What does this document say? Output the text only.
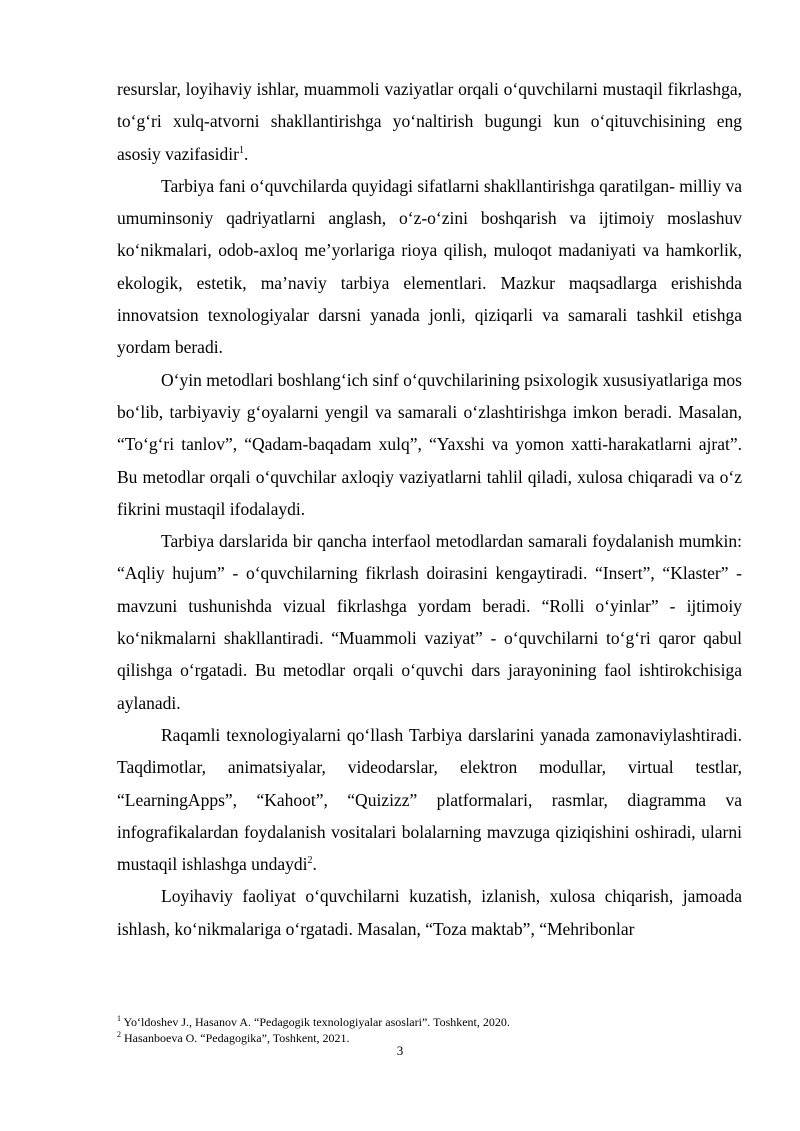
resurslar, loyihaviy ishlar, muammoli vaziyatlar orqali o‘quvchilarni mustaqil fikrlashga, to‘g‘ri xulq-atvorni shakllantirishga yo‘naltirish bugungi kun o‘qituvchisining eng asosiy vazifasidir$^1$.

Tarbiya fani o‘quvchilarda quyidagi sifatlarni shakllantirishga qaratilgan- milliy va umuminsoniy qadriyatlarni anglash, o‘z-o‘zini boshqarish va ijtimoiy moslashuv ko‘nikmalari, odob-axloq me’yorlariga rioya qilish, muloqot madaniyati va hamkorlik, ekologik, estetik, ma’naviy tarbiya elementlari. Mazkur maqsadlarga erishishda innovatsion texnologiyalar darsni yanada jonli, qiziqarli va samarali tashkil etishga yordam beradi.

O‘yin metodlari boshlang‘ich sinf o‘quvchilarining psixologik xususiyatlariga mos bo‘lib, tarbiyaviy g‘oyalarni yengil va samarali o‘zlashtirishga imkon beradi. Masalan, “To‘g‘ri tanlov”, “Qadam-baqadam xulq”, “Yaxshi va yomon xatti-harakatlarni ajrat”. Bu metodlar orqali o‘quvchilar axloqiy vaziyatlarni tahlil qiladi, xulosa chiqaradi va o‘z fikrini mustaqil ifodalaydi.

Tarbiya darslarida bir qancha interfaol metodlardan samarali foydalanish mumkin: “Aqliy hujum” - o‘quvchilarning fikrlash doirasini kengaytiradi. “Insert”, “Klaster” - mavzuni tushunishda vizual fikrlashga yordam beradi. “Rolli o‘yinlar” - ijtimoiy ko‘nikmalarni shakllantiradi. “Muammoli vaziyat” - o‘quvchilarni to‘g‘ri qaror qabul qilishga o‘rgatadi. Bu metodlar orqali o‘quvchi dars jarayonining faol ishtirokchisiga aylanadi.

Raqamli texnologiyalarni qo‘llash Tarbiya darslarini yanada zamonaviylashtiradi. Taqdimotlar, animatsiyalar, videodarslar, elektron modullar, virtual testlar, “LearningApps”, “Kahoot”, “Quizizz” platformalari, rasmlar, diagramma va infografikalardan foydalanish vositalari bolalarning mavzuga qiziqishini oshiradi, ularni mustaqil ishlashga undaydi$^2$.

Loyihaviy faoliyat o‘quvchilarni kuzatish, izlanish, xulosa chiqarish, jamoada ishlash, ko‘nikmalariga o‘rgatadi. Masalan, “Toza maktab”, “Mehribonlar

$^1$ Yo‘ldoshev J., Hasanov A. “Pedagogik texnologiyalar asoslari”. Toshkent, 2020.

$^2$ Hasanboeva O. “Pedagogika”, Toshkent, 2021.

3
